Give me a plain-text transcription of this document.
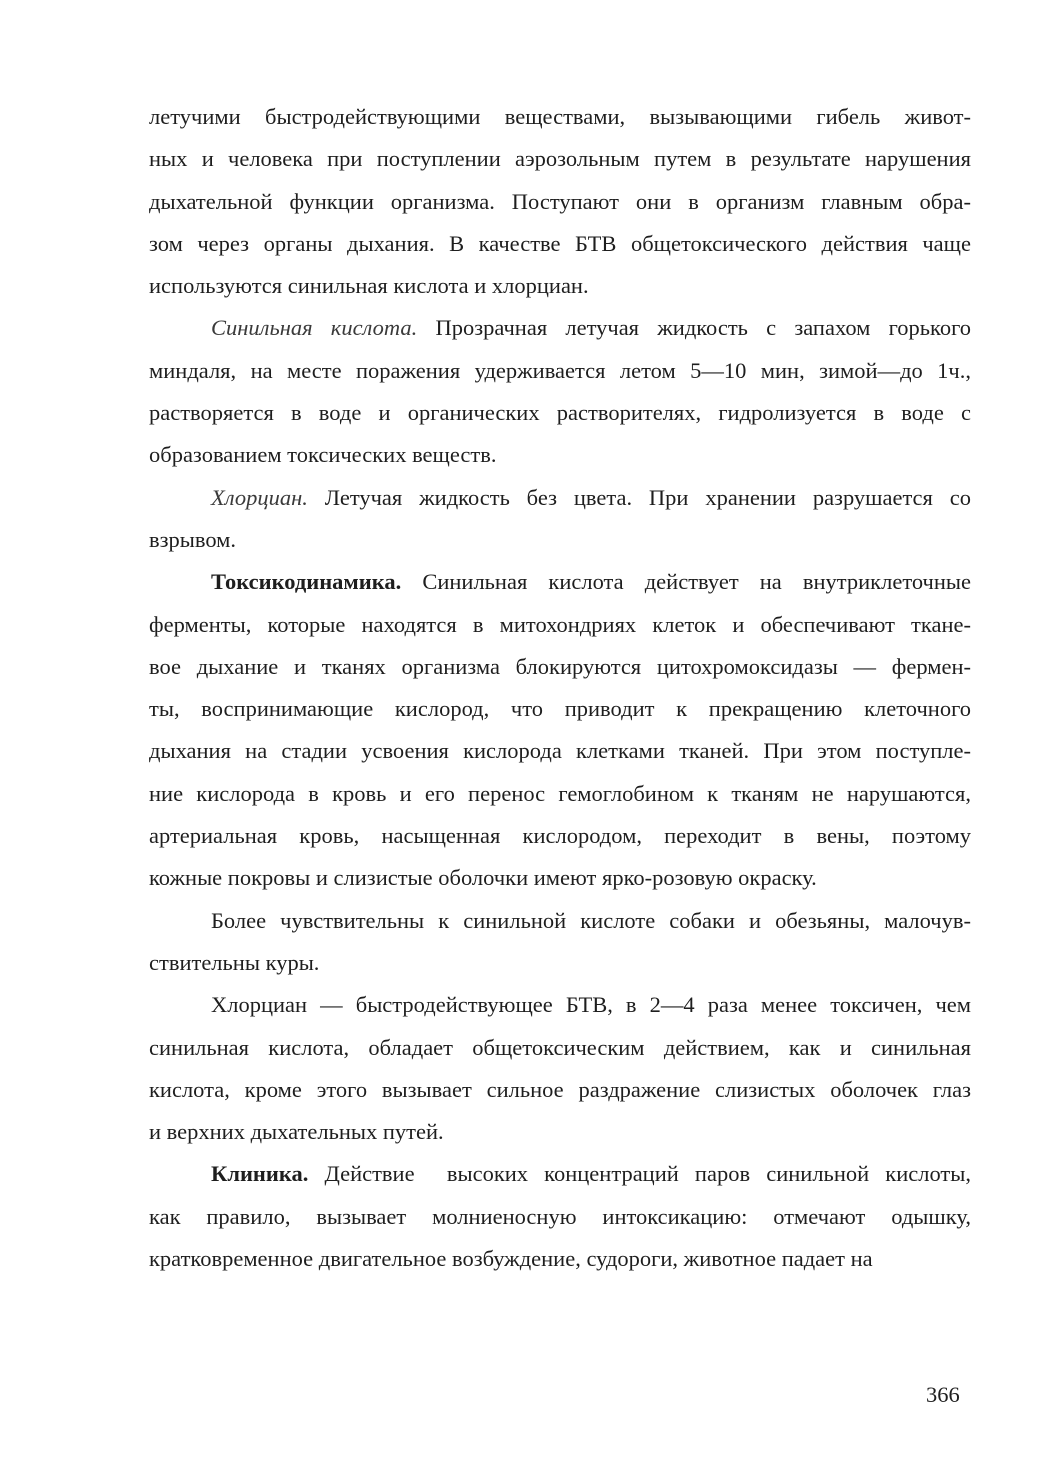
летучими быстродействующими веществами, вызывающими гибель живот-
ных и человека при поступлении аэрозольным путем в результате нарушения
дыхательной функции организма. Поступают они в организм главным обра-
зом через органы дыхания. В качестве БТВ общетоксического действия чаще
используются синильная кислота и хлорциан.
Синильная кислота. Прозрачная летучая жидкость с запахом горького
миндаля, на месте поражения удерживается летом 5—10 мин, зимой—до 1ч.,
растворяется в воде и органических растворителях, гидролизуется в воде с
образованием токсических веществ.
Хлорциан. Летучая жидкость без цвета. При хранении разрушается со
взрывом.
Токсикодинамика. Синильная кислота действует на внутриклеточные
ферменты, которые находятся в митохондриях клеток и обеспечивают ткане-
вое дыхание и тканях организма блокируются цитохромоксидазы — фермен-
ты, воспринимающие кислород, что приводит к прекращению клеточного
дыхания на стадии усвоения кислорода клетками тканей. При этом поступле-
ние кислорода в кровь и его перенос гемоглобином к тканям не нарушаются,
артериальная кровь, насыщенная кислородом, переходит в вены, поэтому
кожные покровы и слизистые оболочки имеют ярко-розовую окраску.
Более чувствительны к синильной кислоте собаки и обезьяны, малочув-
ствительны куры.
Хлорциан — быстродействующее БТВ, в 2—4 раза менее токсичен, чем
синильная кислота, обладает общетоксическим действием, как и синильная
кислота, кроме этого вызывает сильное раздражение слизистых оболочек глаз
и верхних дыхательных путей.
Клиника. Действие  высоких концентраций паров синильной кислоты,
как правило, вызывает молниеносную интоксикацию: отмечают одышку,
кратковременное двигательное возбуждение, судороги, животное падает на
366
